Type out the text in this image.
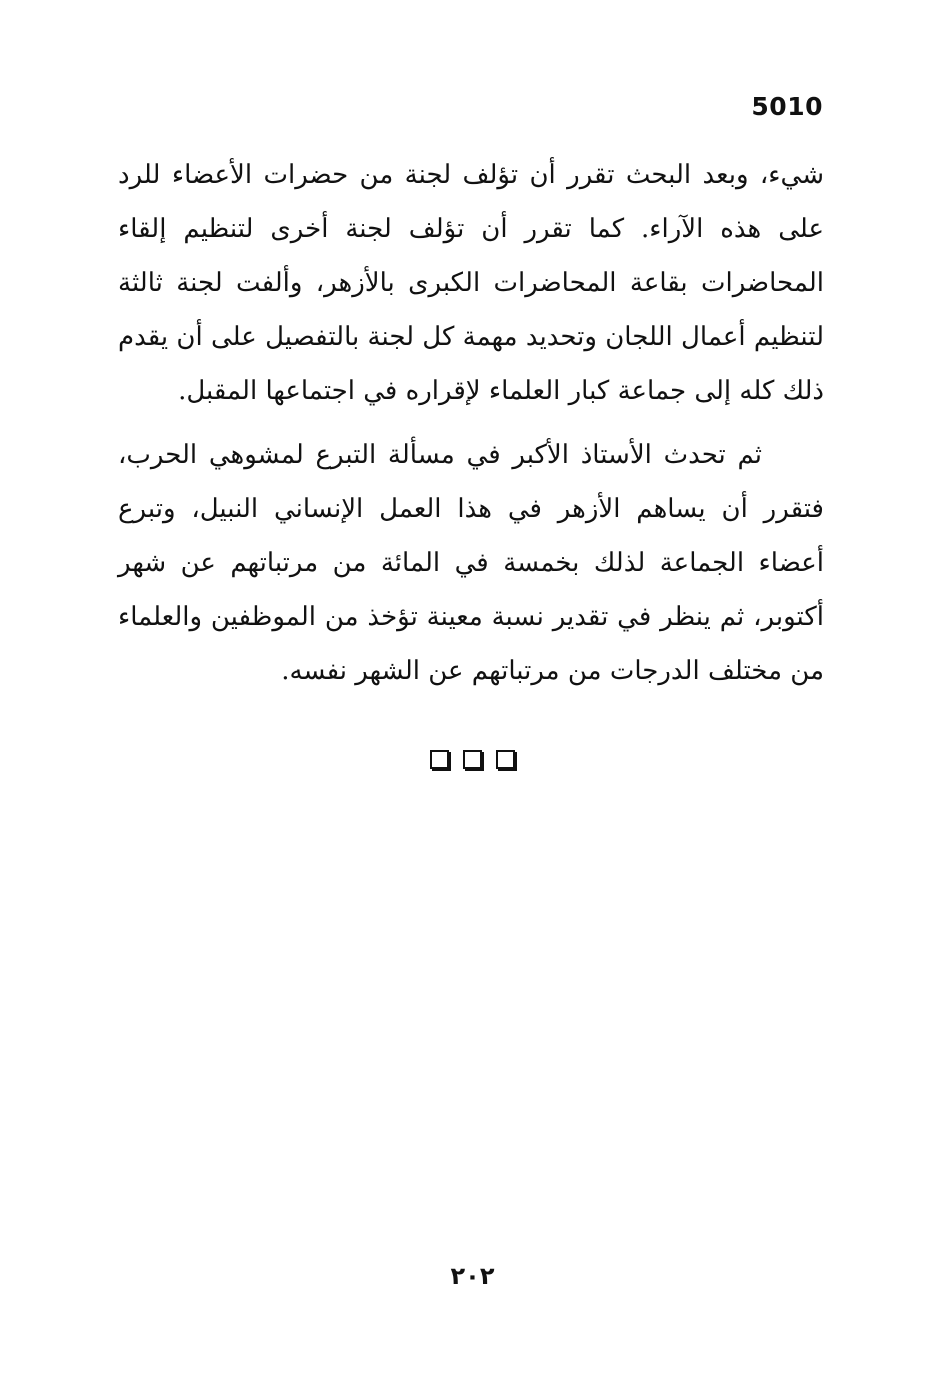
5010

شيء، وبعد البحث تقرر أن تؤلف لجنة من حضرات الأعضاء للرد على هذه الآراء. كما تقرر أن تؤلف لجنة أخرى لتنظيم إلقاء المحاضرات بقاعة المحاضرات الكبرى بالأزهر، وألفت لجنة ثالثة لتنظيم أعمال اللجان وتحديد مهمة كل لجنة بالتفصيل على أن يقدم ذلك كله إلى جماعة كبار العلماء لإقراره في اجتماعها المقبل.

ثم تحدث الأستاذ الأكبر في مسألة التبرع لمشوهي الحرب، فتقرر أن يساهم الأزهر في هذا العمل الإنساني النبيل، وتبرع أعضاء الجماعة لذلك بخمسة في المائة من مرتباتهم عن شهر أكتوبر، ثم ينظر في تقدير نسبة معينة تؤخذ من الموظفين والعلماء من مختلف الدرجات من مرتباتهم عن الشهر نفسه.

٢٠٢
